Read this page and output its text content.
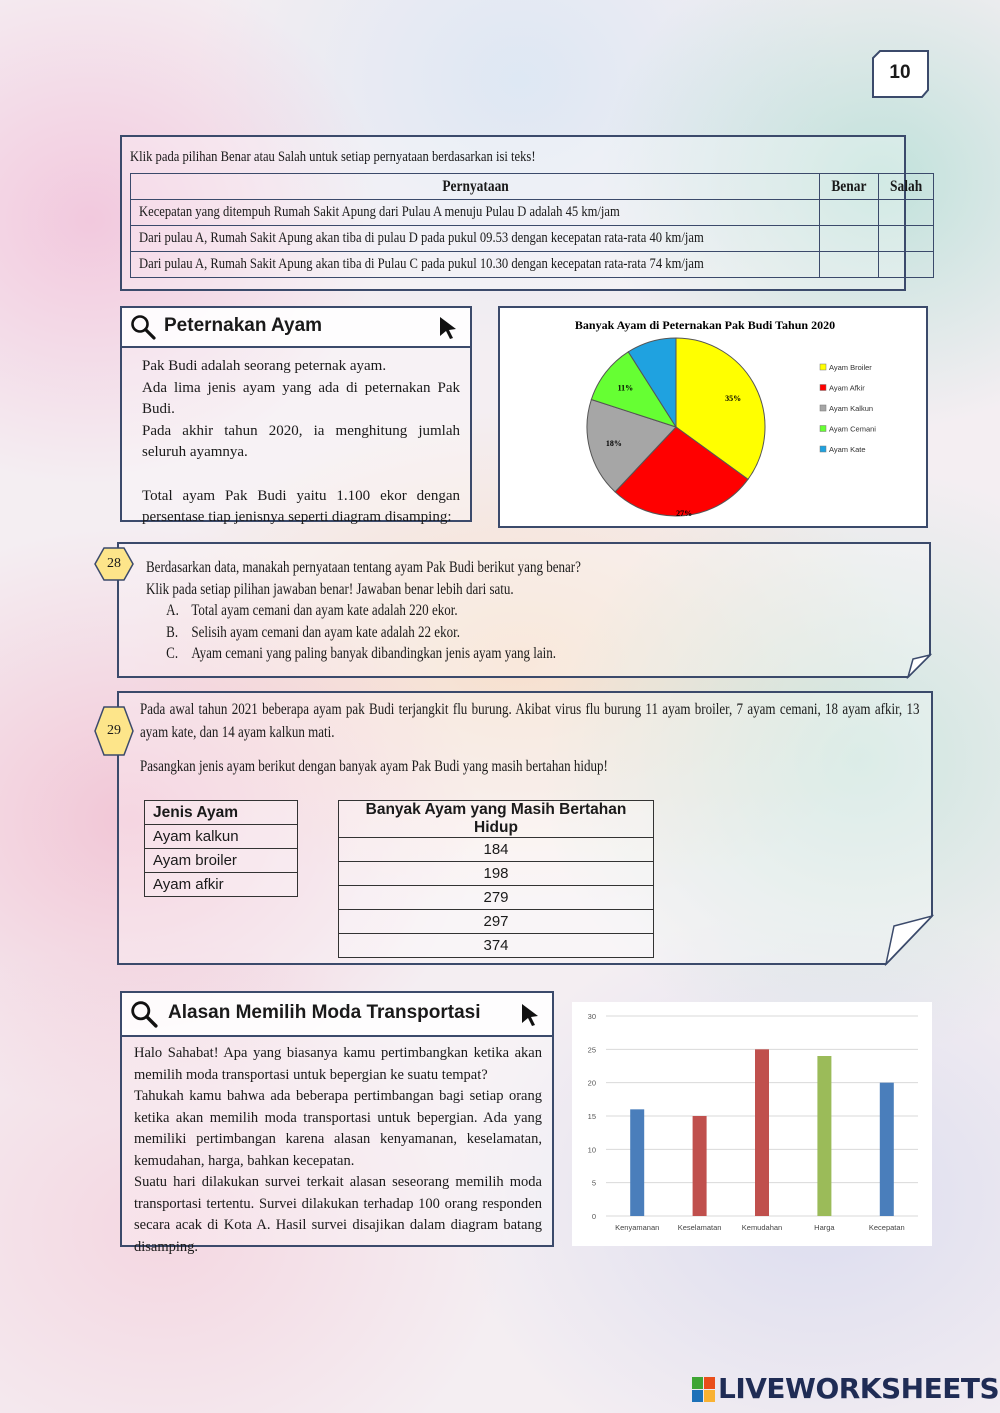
10
Klik pada pilihan Benar atau Salah untuk setiap pernyataan berdasarkan isi teks!
Pernyataan	Benar	Salah
Kecepatan yang ditempuh Rumah Sakit Apung dari Pulau A menuju Pulau D adalah 45 km/jam		
Dari pulau A, Rumah Sakit Apung akan tiba di pulau D pada pukul 09.53 dengan kecepatan rata-rata 40 km/jam		
Dari pulau A, Rumah Sakit Apung akan tiba di Pulau C pada pukul 10.30 dengan kecepatan rata-rata 74 km/jam		
Peternakan Ayam
Pak Budi adalah seorang peternak ayam.
Ada lima jenis ayam yang ada di peternakan Pak Budi.
Pada akhir tahun 2020, ia menghitung jumlah seluruh ayamnya.
Total ayam Pak Budi yaitu 1.100 ekor dengan persentase tiap jenisnya seperti diagram disamping:
Banyak Ayam di Peternakan Pak Budi Tahun 2020
35%
27%
18%
11%
Ayam Broiler
Ayam Afkir
Ayam Kalkun
Ayam Cemani
Ayam Kate
28	Berdasarkan data, manakah pernyataan tentang ayam Pak Budi berikut yang benar?
Klik pada setiap pilihan jawaban benar! Jawaban benar lebih dari satu.
A. Total ayam cemani dan ayam kate adalah 220 ekor.
B. Selisih ayam cemani dan ayam kate adalah 22 ekor.
C. Ayam cemani yang paling banyak dibandingkan jenis ayam yang lain.
29
Pada awal tahun 2021 beberapa ayam pak Budi terjangkit flu burung. Akibat virus flu burung 11 ayam broiler, 7 ayam cemani, 18 ayam afkir, 13 ayam kate, dan 14 ayam kalkun mati.
Pasangkan jenis ayam berikut dengan banyak ayam Pak Budi yang masih bertahan hidup!
Jenis Ayam
Ayam kalkun
Ayam broiler
Ayam afkir
Banyak Ayam yang Masih Bertahan Hidup
184
198
279
297
374
Alasan Memilih Moda Transportasi
Halo Sahabat! Apa yang biasanya kamu pertimbangkan ketika akan memilih moda transportasi untuk bepergian ke suatu tempat?
Tahukah kamu bahwa ada beberapa pertimbangan bagi setiap orang ketika akan memilih moda transportasi untuk bepergian. Ada yang memiliki pertimbangan karena alasan kenyamanan, keselamatan, kemudahan, harga, bahkan kecepatan.
Suatu hari dilakukan survei terkait alasan seseorang memilih moda transportasi tertentu. Survei dilakukan terhadap 100 orang responden secara acak di Kota A. Hasil survei disajikan dalam diagram batang disamping.
0
5
10
15
20
25
30
Kenyamanan Keselamatan	Kemudahan	Harga	Kecepatan
LIVEWORKSHEETS
